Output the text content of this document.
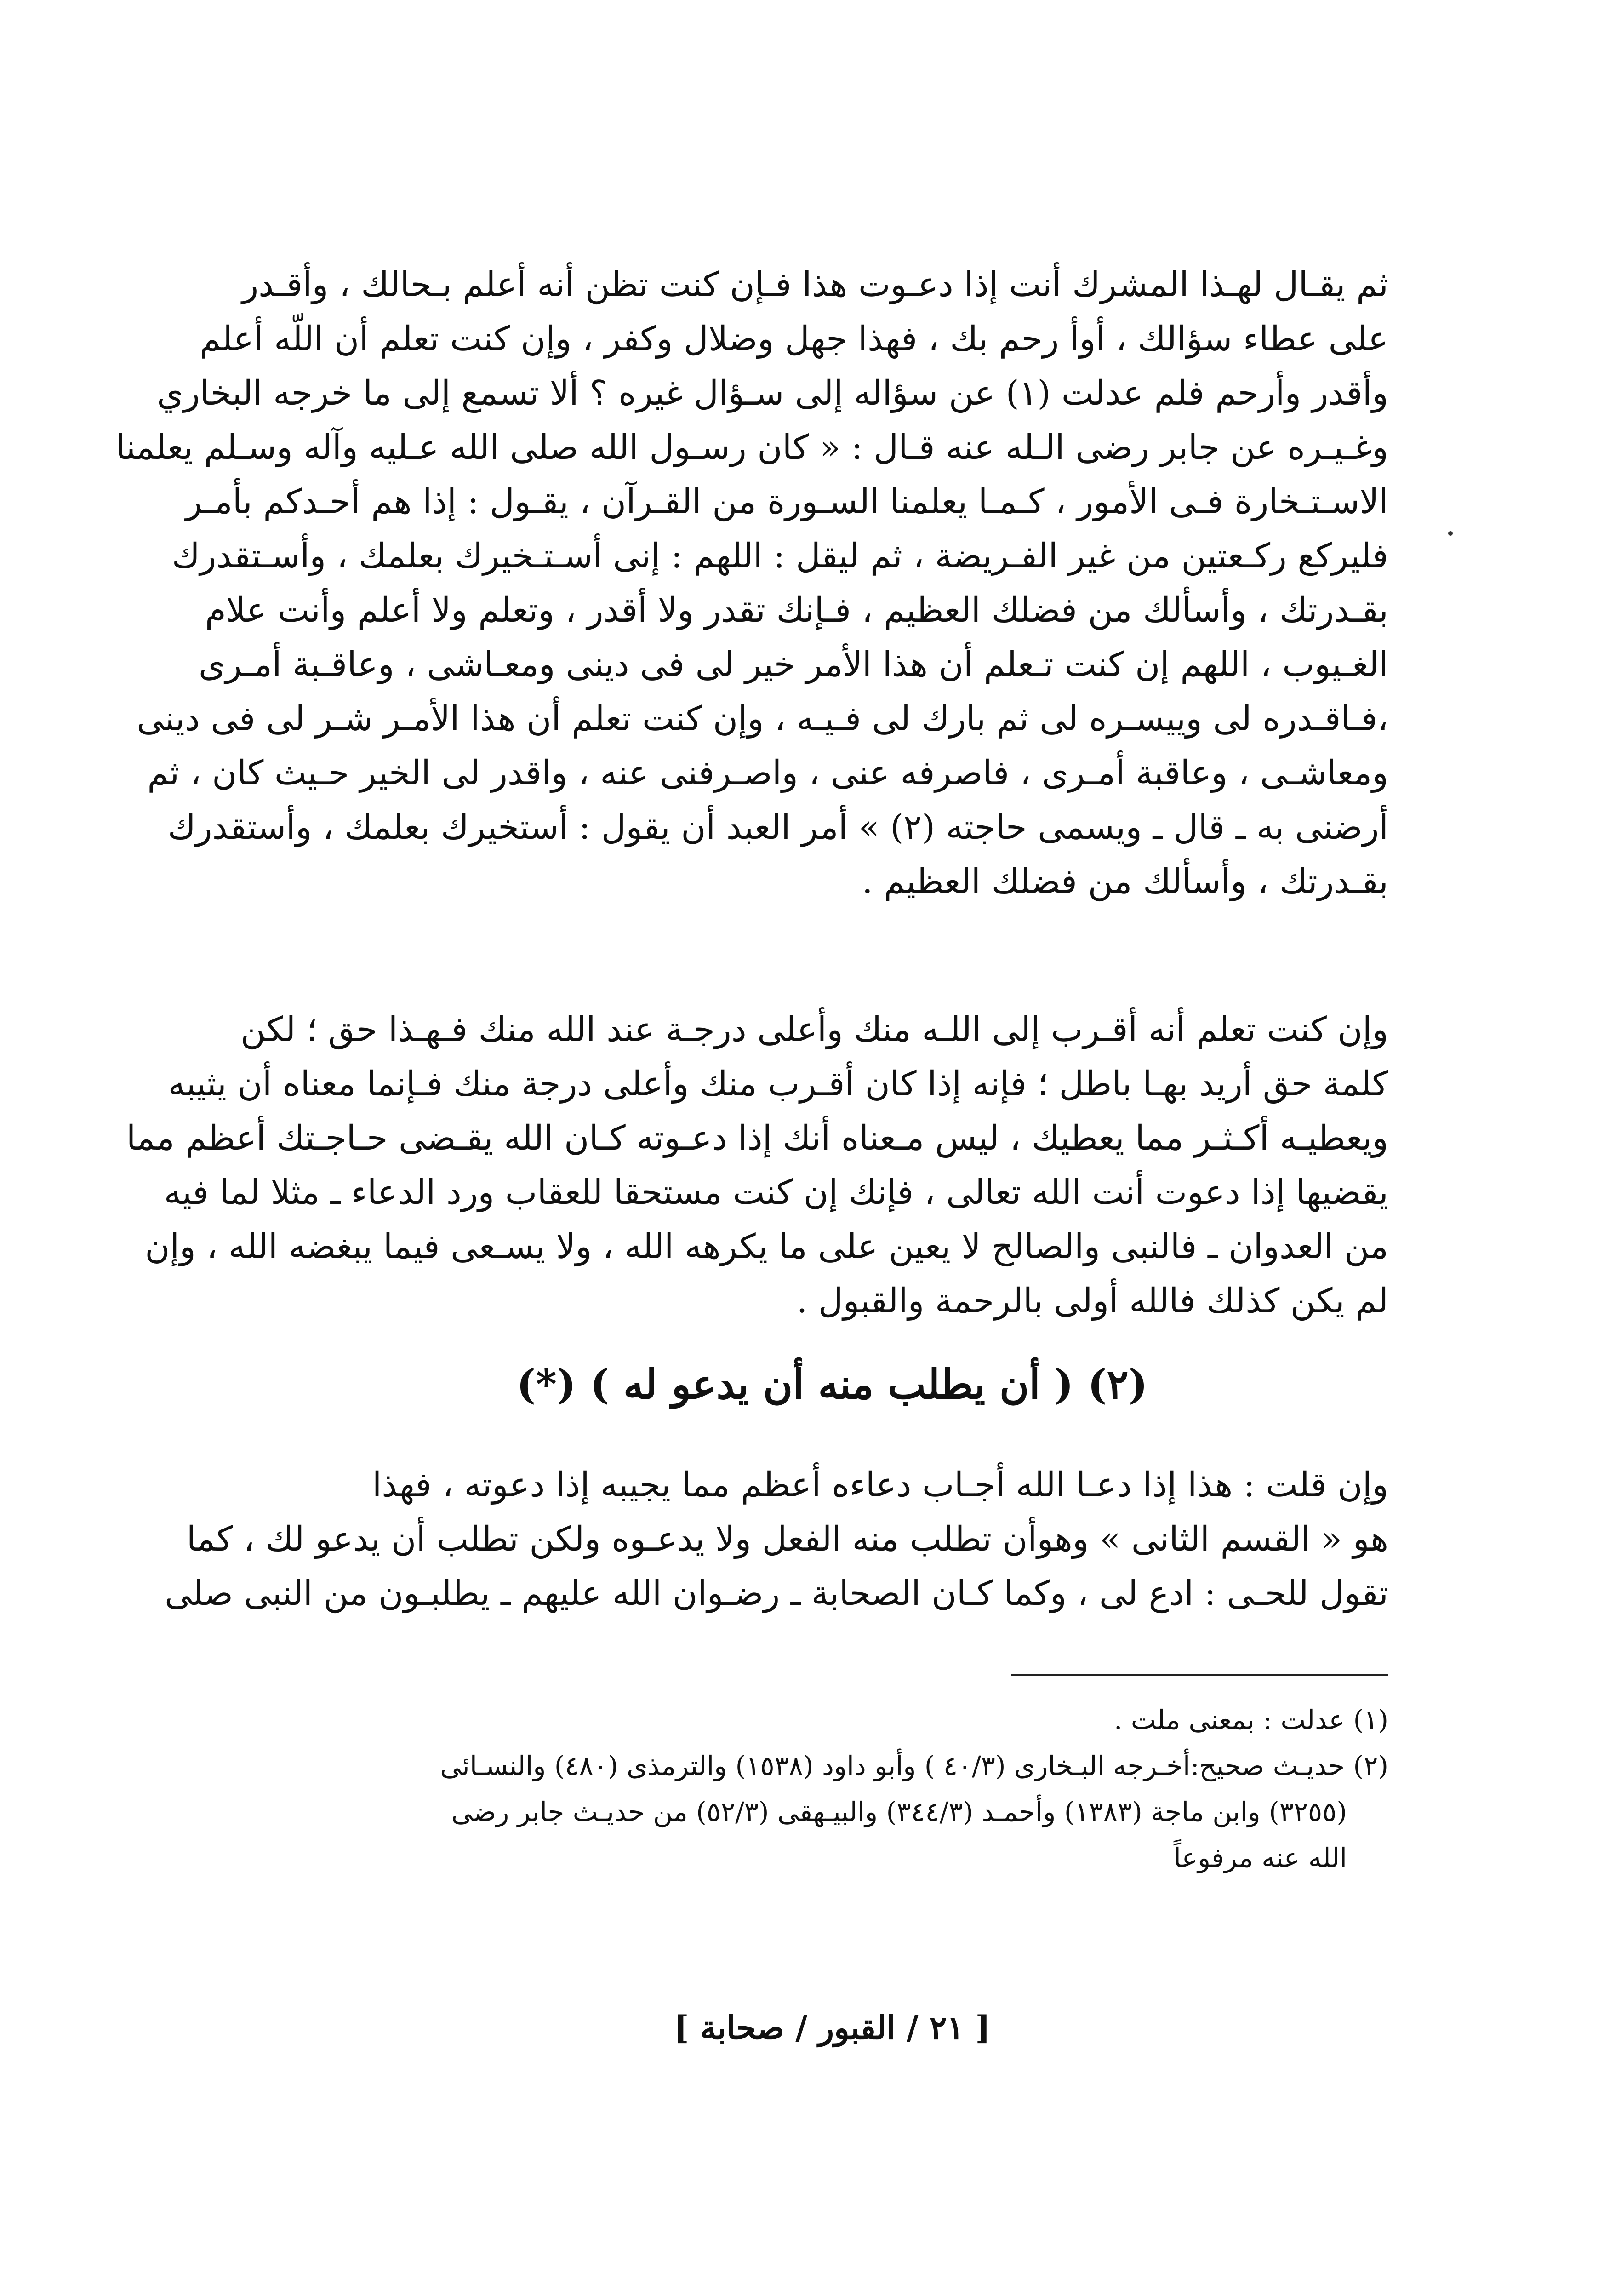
ثم يقـال لهـذا المشرك أنت إذا دعـوت هذا فـإن كنت تظن أنه أعلم بـحالك ، وأقـدر
على عطاء سؤالك ، أوأ رحم بك ، فهذا جهل وضلال وكفر ، وإن كنت تعلم أن اللّه أعلم
وأقدر وأرحم فلم عدلت (١) عن سؤاله إلى سـؤال غيره ؟ ألا تسمع إلى ما خرجه البخاري
وغـيـره عن جابر رضى الـله عنه قـال : « كان رسـول الله صلى الله عـليه وآله وسـلم يعلمنا
الاسـتـخارة فـى الأمور ، كـمـا يعلمنا السـورة من القـرآن ، يقـول : إذا هم أحـدكم بأمـر
فليركع ركـعتين من غير الفـريضة ، ثم ليقل : اللهم : إنى أسـتـخيرك بعلمك ، وأسـتقدرك
بقـدرتك ، وأسألك من فضلك العظيم ، فـإنك تقدر ولا أقدر ، وتعلم ولا أعلم وأنت علام
الغـيوب ، اللهم إن كنت تـعلم أن هذا الأمر خير لى فى دينى ومعـاشى ، وعاقـبة أمـرى
،فـاقـدره لى وييسـره لى ثم بارك لى فـيـه ، وإن كنت تعلم أن هذا الأمـر شـر لى فى دينى
ومعاشـى ، وعاقبة أمـرى ، فاصرفه عنى ، واصـرفنى عنه ، واقدر لى الخير حـيث كان ، ثم
أرضنى به ـ قال ـ ويسمى حاجته (٢) » أمر العبد أن يقول : أستخيرك بعلمك ، وأستقدرك
بقـدرتك ، وأسألك من فضلك العظيم .
وإن كنت تعلم أنه أقـرب إلى اللـه منك وأعلى درجـة عند الله منك فـهـذا حق ؛ لكن
كلمة حق أريد بهـا باطل ؛ فإنه إذا كان أقـرب منك وأعلى درجة منك فـإنما معناه أن يثيبه
ويعطيـه أكـثـر مما يعطيك ، ليس مـعناه أنك إذا دعـوته كـان الله يقـضى حـاجـتك أعظم مما
يقضيها إذا دعوت أنت الله تعالى ، فإنك إن كنت مستحقا للعقاب ورد الدعاء ـ مثلا لما فيه
من العدوان ـ فالنبى والصالح لا يعين على ما يكرهه الله ، ولا يسـعى فيما يبغضه الله ، وإن
لم يكن كذلك فالله أولى بالرحمة والقبول .
(٢) ( أن يطلب منه أن يدعو له ) (*)
وإن قلت : هذا إذا دعـا الله أجـاب دعاءه أعظم مما يجيبه إذا دعوته ، فهذا
هو « القسم الثانى » وهوأن تطلب منه الفعل ولا يدعـوه ولكن تطلب أن يدعو لك ، كما
تقول للحـى : ادع لى ، وكما كـان الصحابة ـ رضـوان الله عليهم ـ يطلبـون من النبى صلى
(١) عدلت : بمعنى ملت .
(٢) حديـث صحيح:أخـرجه البـخارى (٤٠/٣ ) وأبو داود (١٥٣٨) والترمذى (٤٨٠) والنسـائى
(٣٢٥٥) وابن ماجة (١٣٨٣) وأحمـد (٣٤٤/٣) والبيـهقى (٥٢/٣) من حديـث جابر رضى
الله عنه مرفوعاً
[ ٢١ / القبور / صحابة ]
